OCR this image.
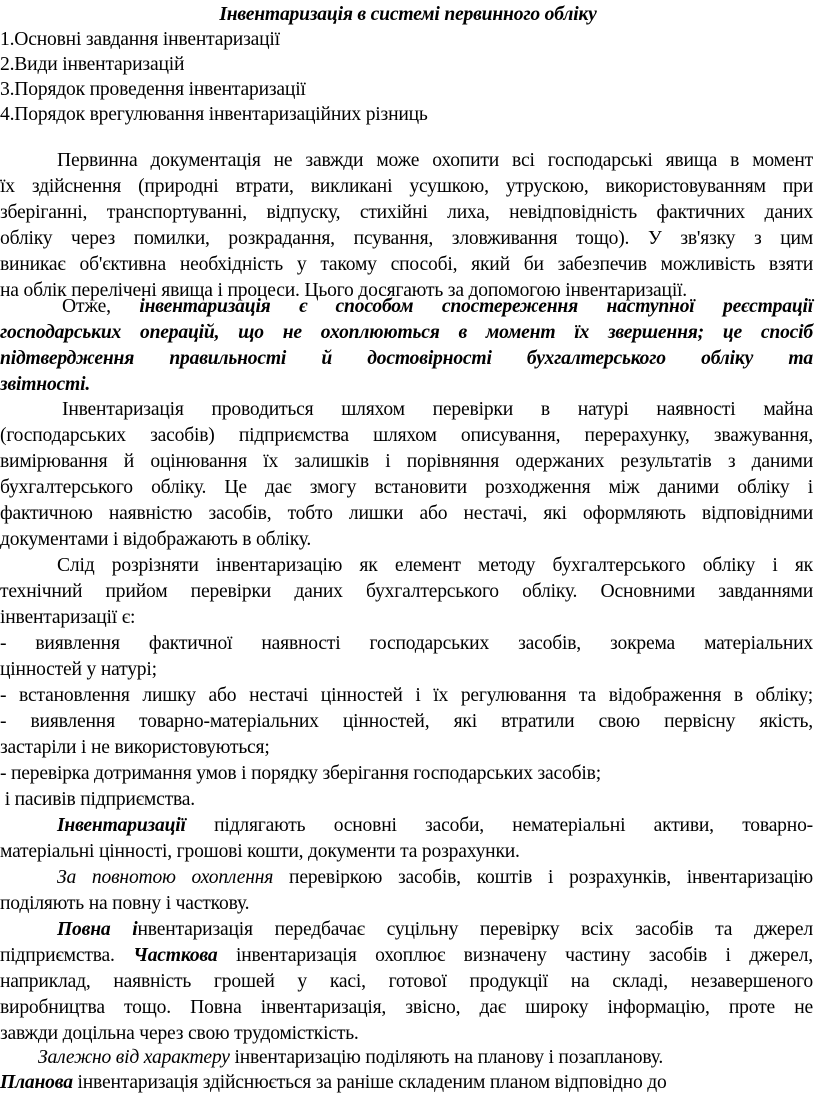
Інвентаризація в системі первинного обліку
1.Основні завдання інвентаризації
2.Види інвентаризацій
3.Порядок проведення інвентаризації
4.Порядок врегулювання інвентаризаційних різниць
Первинна документація не завжди може охопити всі господарські явища в момент
їх здійснення (природні втрати, викликані усушкою, утрускою, використовуванням при
зберіганні, транспортуванні, відпуску, стихійні лиха, невідповідність фактичних даних
обліку через помилки, розкрадання, псування, зловживання тощо). У зв'язку з цим
виникає об'єктивна необхідність у такому способі, який би забезпечив можливість взяти
на облік перелічені явища і процеси. Цього досягають за допомогою інвентаризації.
Отже, інвентаризація є способом спостереження наступної реєстрації
господарських операцій, що не охоплюються в момент їх звершення; це спосіб
підтвердження правильності й достовірності бухгалтерського обліку та
звітності.
Інвентаризація проводиться шляхом перевірки в натурі наявності майна
(господарських засобів) підприємства шляхом описування, перерахунку, зважування,
вимірювання й оцінювання їх залишків і порівняння одержаних результатів з даними
бухгалтерського обліку. Це дає змогу встановити розходження між даними обліку і
фактичною наявністю засобів, тобто лишки або нестачі, які оформляють відповідними
документами і відображають в обліку.
Слід розрізняти інвентаризацію як елемент методу бухгалтерського обліку і як
технічний прийом перевірки даних бухгалтерського обліку. Основними завданнями
інвентаризації є:
- виявлення фактичної наявності господарських засобів, зокрема матеріальних
цінностей у натурі;
- встановлення лишку або нестачі цінностей і їх регулювання та відображення в обліку;
- виявлення товарно-матеріальних цінностей, які втратили свою первісну якість,
застаріли і не використовуються;
- перевірка дотримання умов і порядку зберігання господарських засобів;
і пасивів підприємства.
Інвентаризації підлягають основні засоби, нематеріальні активи, товарно-
матеріальні цінності, грошові кошти, документи та розрахунки.
За повнотою охоплення перевіркою засобів, коштів і розрахунків, інвентаризацію
поділяють на повну і часткову.
Повна інвентаризація передбачає суцільну перевірку всіх засобів та джерел
підприємства. Часткова інвентаризація охоплює визначену частину засобів і джерел,
наприклад, наявність грошей у касі, готової продукції на складі, незавершеного
виробництва тощо. Повна інвентаризація, звісно, дає широку інформацію, проте не
завжди доцільна через свою трудомісткість.
Залежно від характеру інвентаризацію поділяють на планову і позапланову.
Планова інвентаризація здійснюється за раніше складеним планом відповідно до
